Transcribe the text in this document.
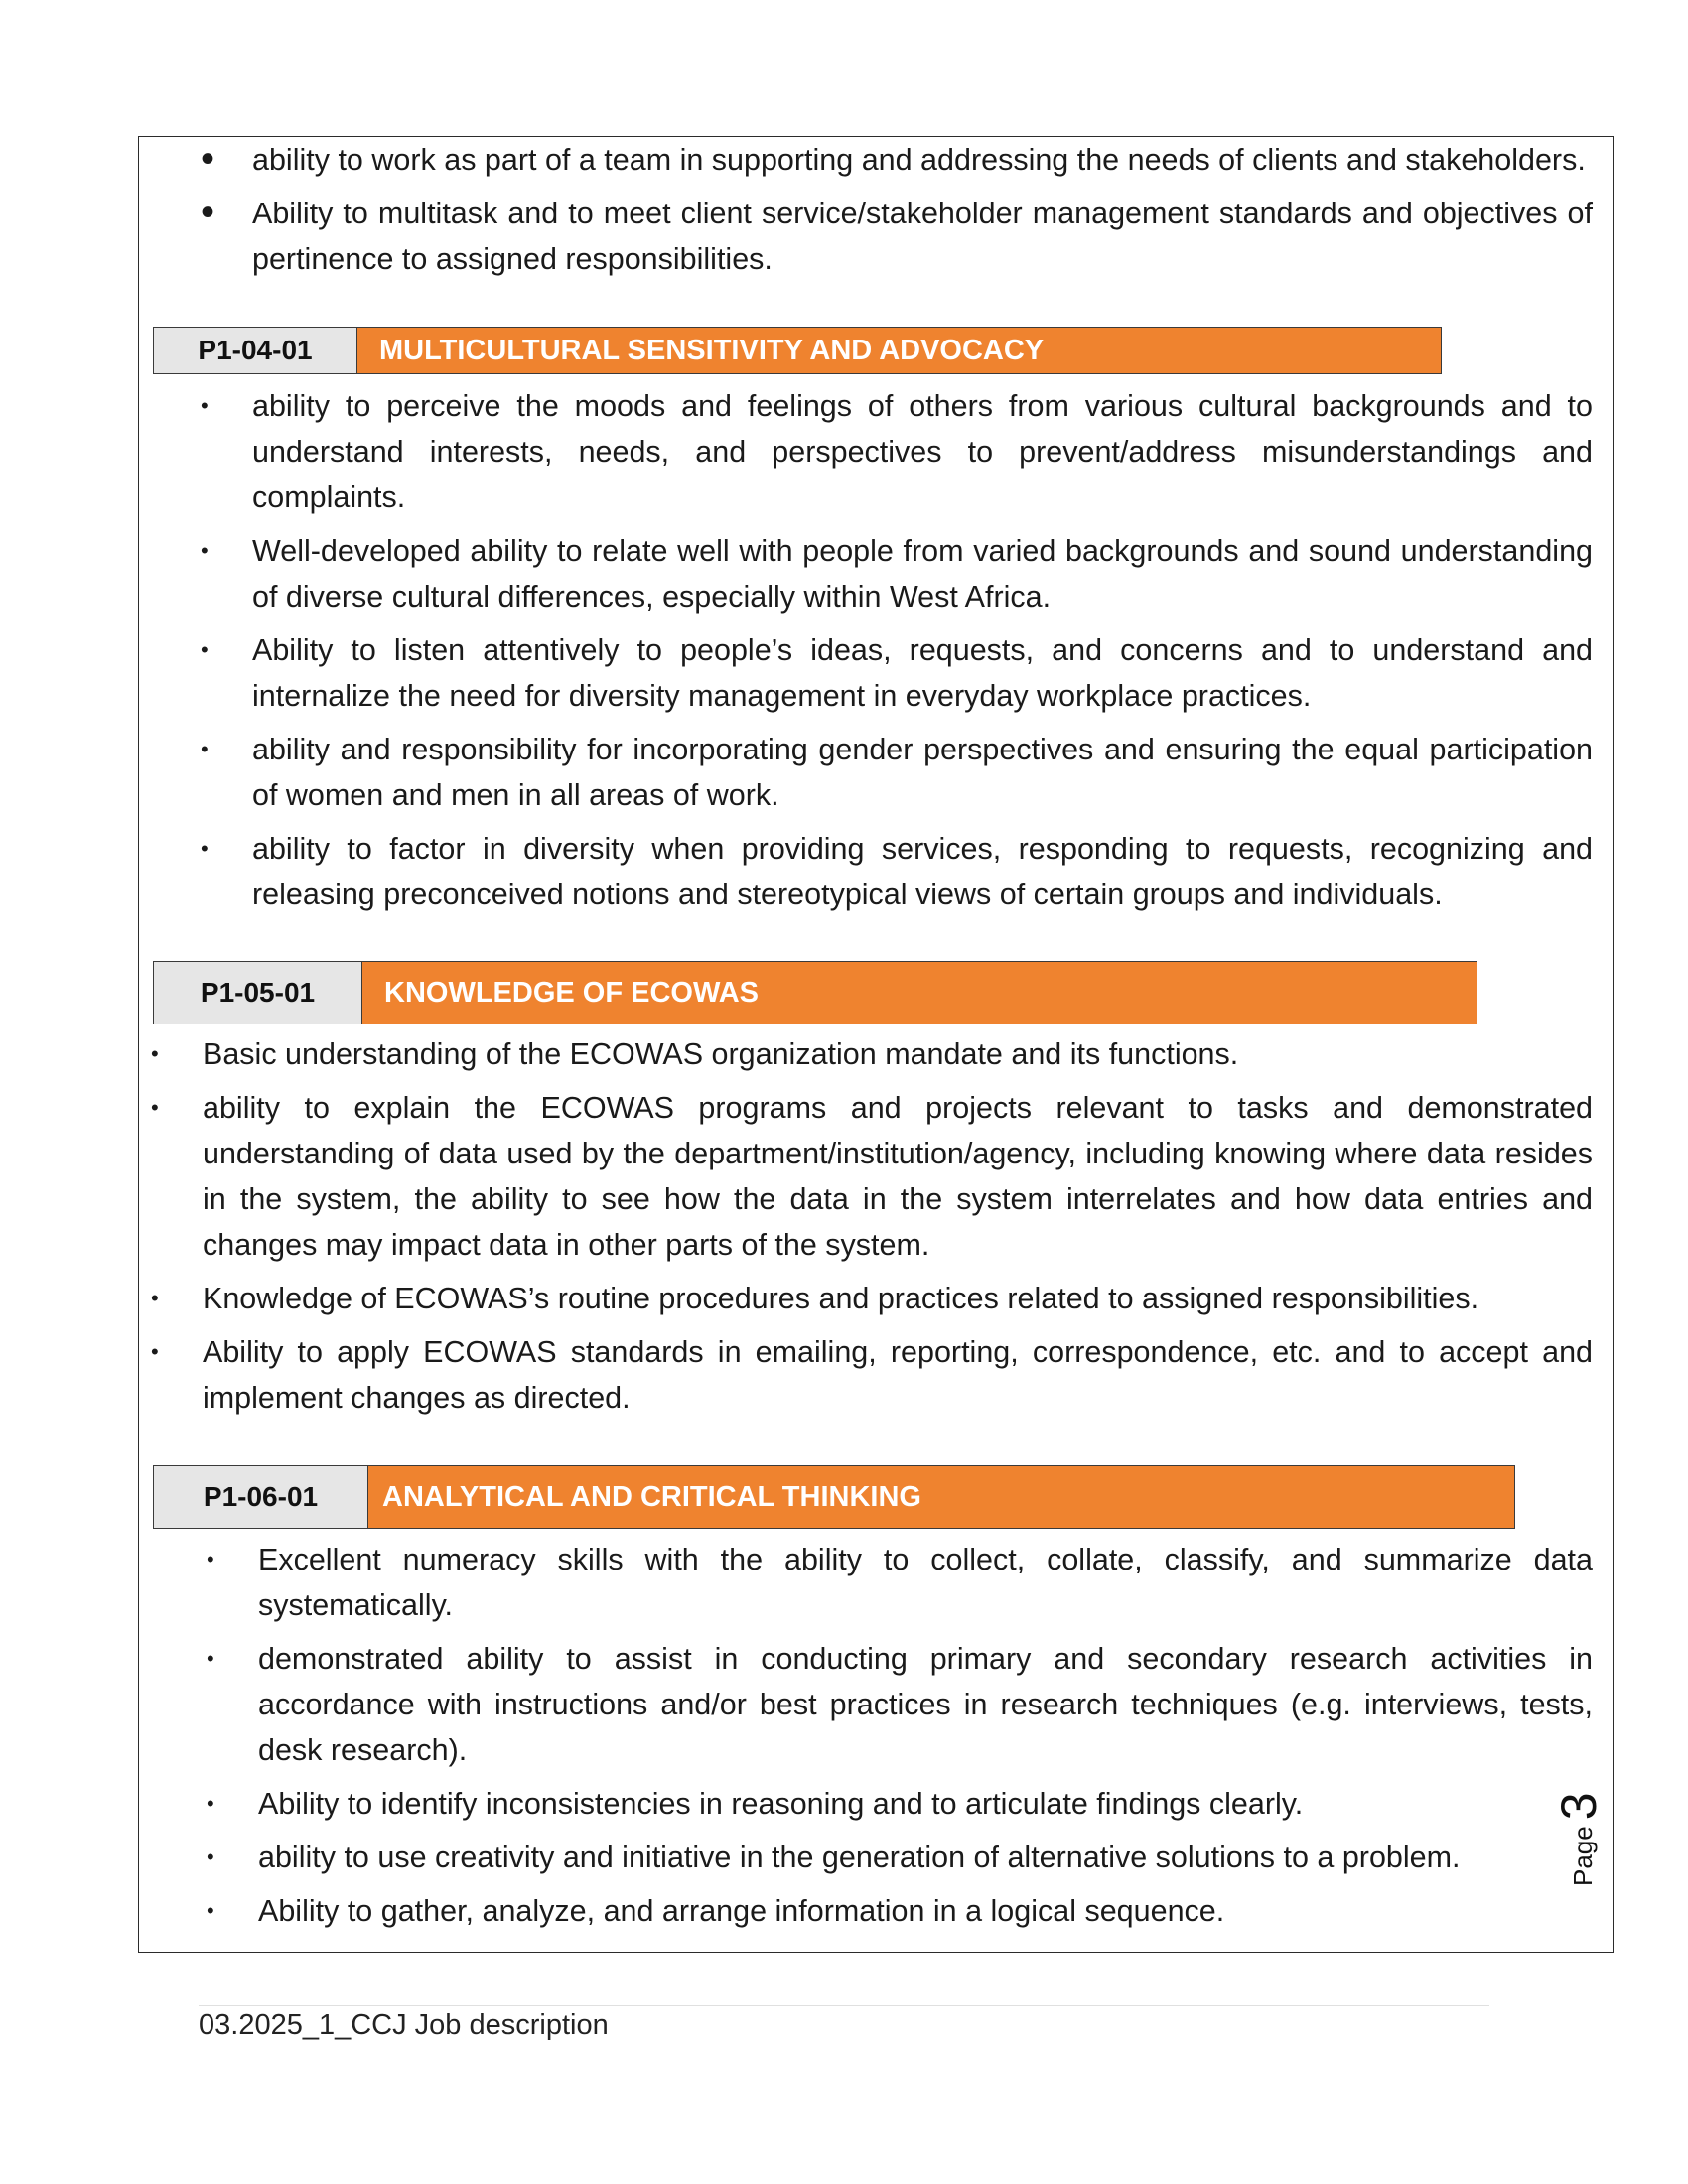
• ability to work as part of a team in supporting and addressing the needs of clients and stakeholders.
• Ability to multitask and to meet client service/stakeholder management standards and objectives of pertinence to assigned responsibilities.
P1-04-01	MULTICULTURAL SENSITIVITY AND ADVOCACY
• ability to perceive the moods and feelings of others from various cultural backgrounds and to understand interests, needs, and perspectives to prevent/address misunderstandings and complaints.
• Well-developed ability to relate well with people from varied backgrounds and sound understanding of diverse cultural differences, especially within West Africa.
• Ability to listen attentively to people’s ideas, requests, and concerns and to understand and internalize the need for diversity management in everyday workplace practices.
• ability and responsibility for incorporating gender perspectives and ensuring the equal participation of women and men in all areas of work.
• ability to factor in diversity when providing services, responding to requests, recognizing and releasing preconceived notions and stereotypical views of certain groups and individuals.
P1-05-01	KNOWLEDGE OF ECOWAS
• Basic understanding of the ECOWAS organization mandate and its functions.
• ability to explain the ECOWAS programs and projects relevant to tasks and demonstrated understanding of data used by the department/institution/agency, including knowing where data resides in the system, the ability to see how the data in the system interrelates and how data entries and changes may impact data in other parts of the system.
• Knowledge of ECOWAS’s routine procedures and practices related to assigned responsibilities.
• Ability to apply ECOWAS standards in emailing, reporting, correspondence, etc. and to accept and implement changes as directed.
P1-06-01	ANALYTICAL AND CRITICAL THINKING
• Excellent numeracy skills with the ability to collect, collate, classify, and summarize data systematically.
• demonstrated ability to assist in conducting primary and secondary research activities in accordance with instructions and/or best practices in research techniques (e.g. interviews, tests, desk research).
• Ability to identify inconsistencies in reasoning and to articulate findings clearly.
• ability to use creativity and initiative in the generation of alternative solutions to a problem.
• Ability to gather, analyze, and arrange information in a logical sequence.
Page
3
03.2025_1_CCJ Job description
